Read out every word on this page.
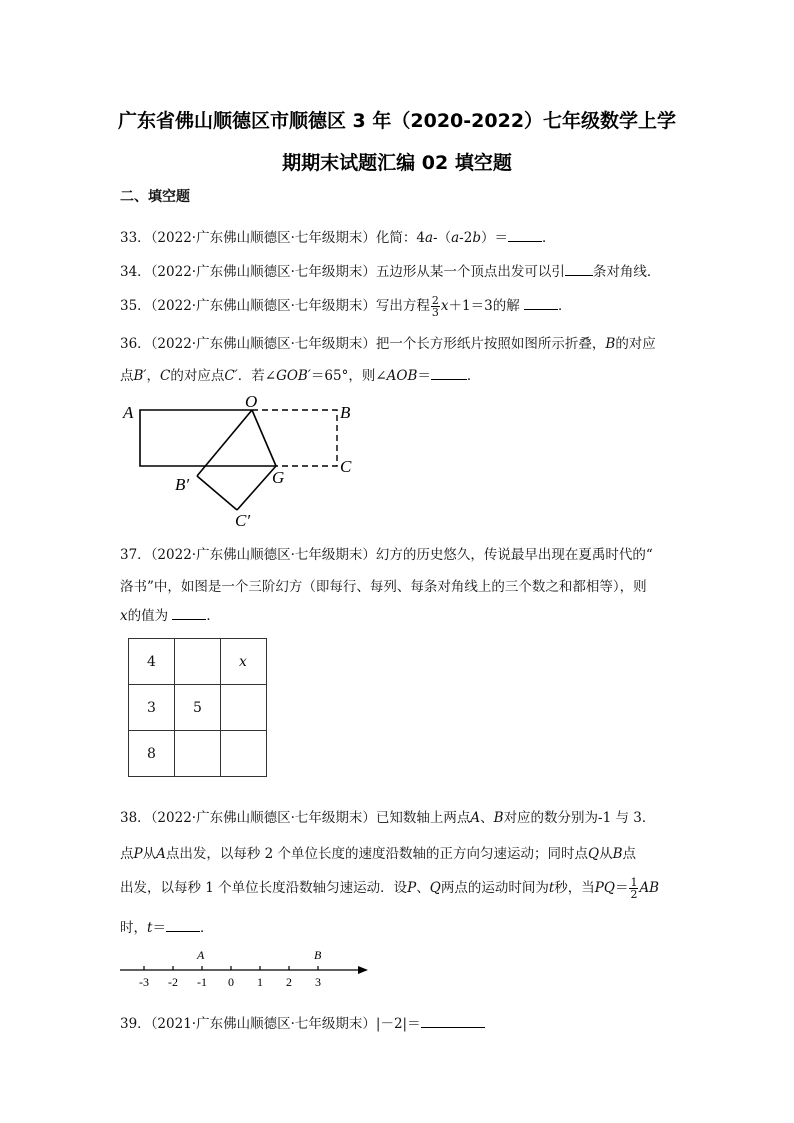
广东省佛山顺德区市顺德区 3 年（2020-2022）七年级数学上学
期期末试题汇编 02 填空题
二、填空题
33．（2022·广东佛山顺德区·七年级期末）化简：4a-（a-2b）＝	．
34．（2022·广东佛山顺德区·七年级期末）五边形从某一个顶点出发可以引 条对角线．
35．（2022·广东佛山顺德区·七年级期末）写出方程 $\frac{2}{3} x+1=3$的解	．
36．（2022·广东佛山顺德区·七年级期末）把一个长方形纸片按照如图所示折叠，B的对应
点B′，C的对应点C′．若∠GOB′＝65°，则∠AOB＝	．
A
O
B
C
G
B′
C′
37．（2022·广东佛山顺德区·七年级期末）幻方的历史悠久，传说最早出现在夏禹时代的“
洛书”中，如图是一个三阶幻方（即每行、每列、每条对角线上的三个数之和都相等），则
x的值为	．
4		x
3	5	
8		
38．（2022·广东佛山顺德区·七年级期末）已知数轴上两点A、B对应的数分别为-1 与 3．
点P从A点出发，以每秒 2 个单位长度的速度沿数轴的正方向匀速运动；同时点Q从B点
出发，以每秒 1 个单位长度沿数轴匀速运动．设P、Q两点的运动时间为t秒，当$PQ= \frac{1}{2}$ AB
时，t＝	．
-3 -2 -1 0 1 2 3
A	B
39．（2021·广东佛山顺德区·七年级期末）|－2|＝
